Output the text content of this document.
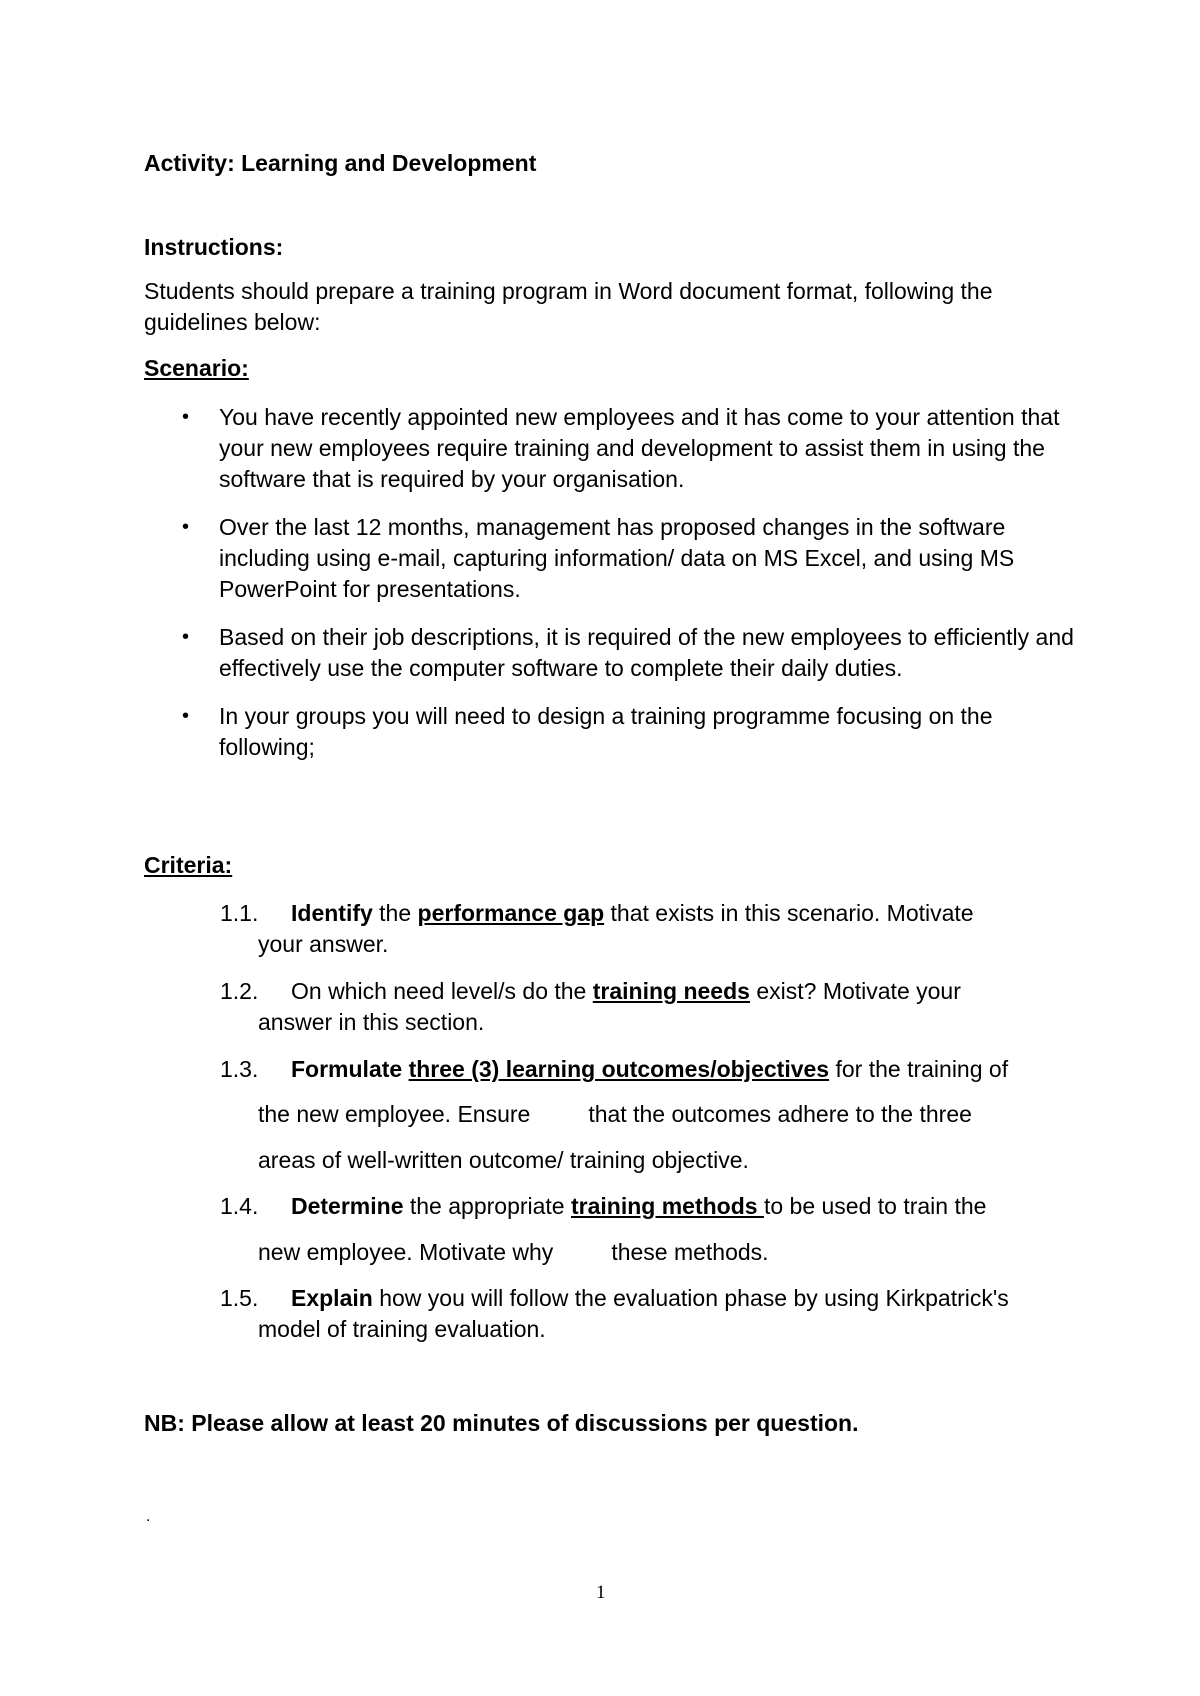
Activity: Learning and Development
Instructions:
Students should prepare a training program in Word document format, following the guidelines below:
Scenario:
• You have recently appointed new employees and it has come to your attention that your new employees require training and development to assist them in using the software that is required by your organisation.
• Over the last 12 months, management has proposed changes in the software including using e-mail, capturing information/ data on MS Excel, and using MS PowerPoint for presentations.
• Based on their job descriptions, it is required of the new employees to efficiently and effectively use the computer software to complete their daily duties.
• In your groups you will need to design a training programme focusing on the following;
Criteria:
1.1. Identify the performance gap that exists in this scenario. Motivate
your answer.
1.2. On which need level/s do the training needs exist? Motivate your
answer in this section.
1.3. Formulate three (3) learning outcomes/objectives for the training of
the new employee. Ensure	that the outcomes adhere to the three
areas of well-written outcome/ training objective.
1.4. Determine the appropriate training methods to be used to train the
new employee. Motivate why	these methods.
1.5. Explain how you will follow the evaluation phase by using Kirkpatrick's
model of training evaluation.
NB: Please allow at least 20 minutes of discussions per question.
.
1
